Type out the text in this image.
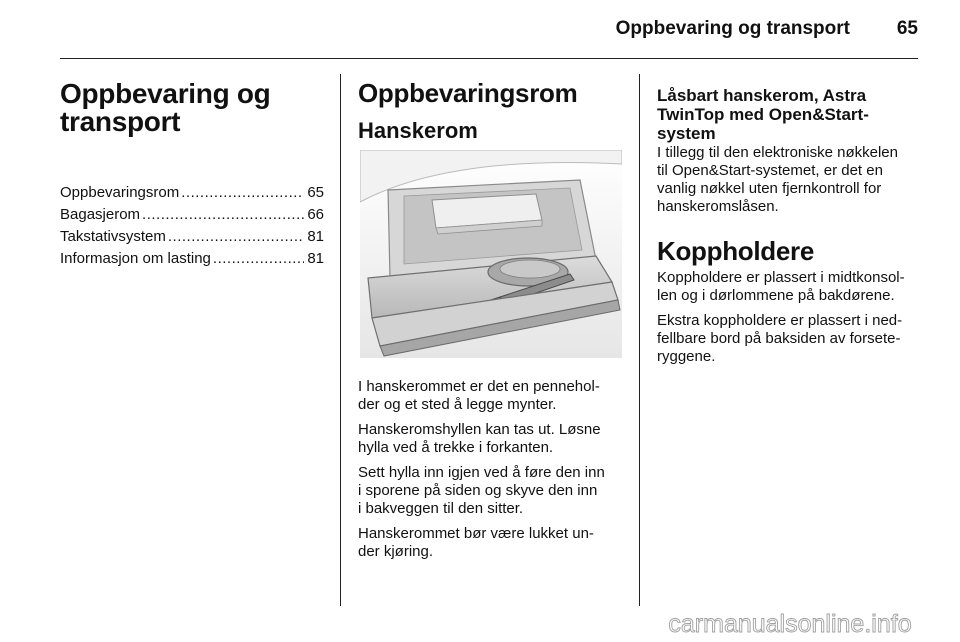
Oppbevaring og transport	65
Oppbevaring og
transport
Oppbevaringsrom .....	65
Bagasjerom .....	66
Takstativsystem .....	81
Informasjon om lasting .....	81
Oppbevaringsrom
Hanskerom

I hanskerommet er det en pennehol-
der og et sted å legge mynter.

Hanskeromshyllen kan tas ut. Løsne
hylla ved å trekke i forkanten.

Sett hylla inn igjen ved å føre den inn
i sporene på siden og skyve den inn
i bakveggen til den sitter.

Hanskerommet bør være lukket un-
der kjøring.

Låsbart hanskerom, Astra
TwinTop med Open&Start-
system

I tillegg til den elektroniske nøkkelen
til Open&Start-systemet, er det en
vanlig nøkkel uten fjernkontroll for
hanskeromslåsen.

Koppholdere

Koppholdere er plassert i midtkonsol-
len og i dørlommene på bakdørene.

Ekstra koppholdere er plassert i ned-
fellbare bord på baksiden av forsete-
ryggene.

carmanualsonline.info
